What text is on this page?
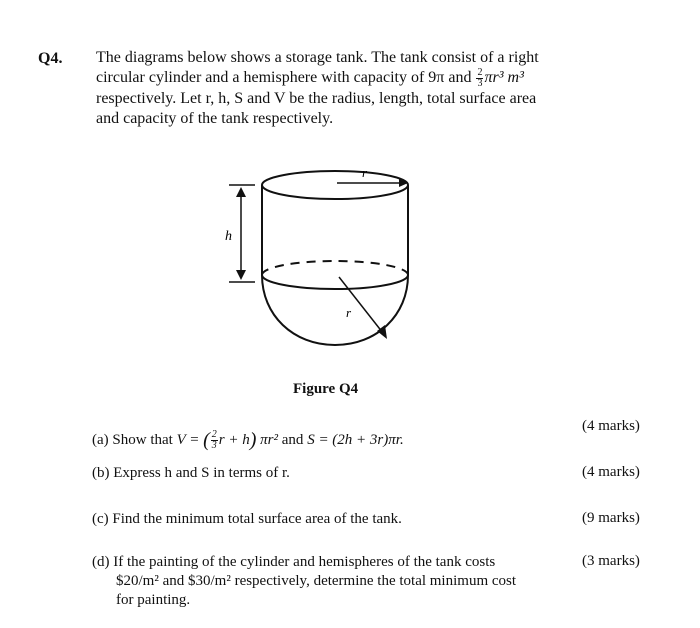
Q4. The diagrams below shows a storage tank. The tank consist of a right
circular cylinder and a hemisphere with capacity of 9π and $\frac{2}{3} \pi r^3$ m³
respectively. Let r, h, S and V be the radius, length, total surface area
and capacity of the tank respectively.
r
r
h
Figure Q4
(a) Show that V = ( $\frac{2}{3}$ r + h) πr² and S = (2h + 3r)πr.
(4 marks)
(b) Express h and S in terms of r.	(4 marks)
(c) Find the minimum total surface area of the tank.	(9 marks)
(d) If the painting of the cylinder and hemispheres of the tank costs
$20/m² and $30/m² respectively, determine the total minimum cost
for painting.
(3 marks)
